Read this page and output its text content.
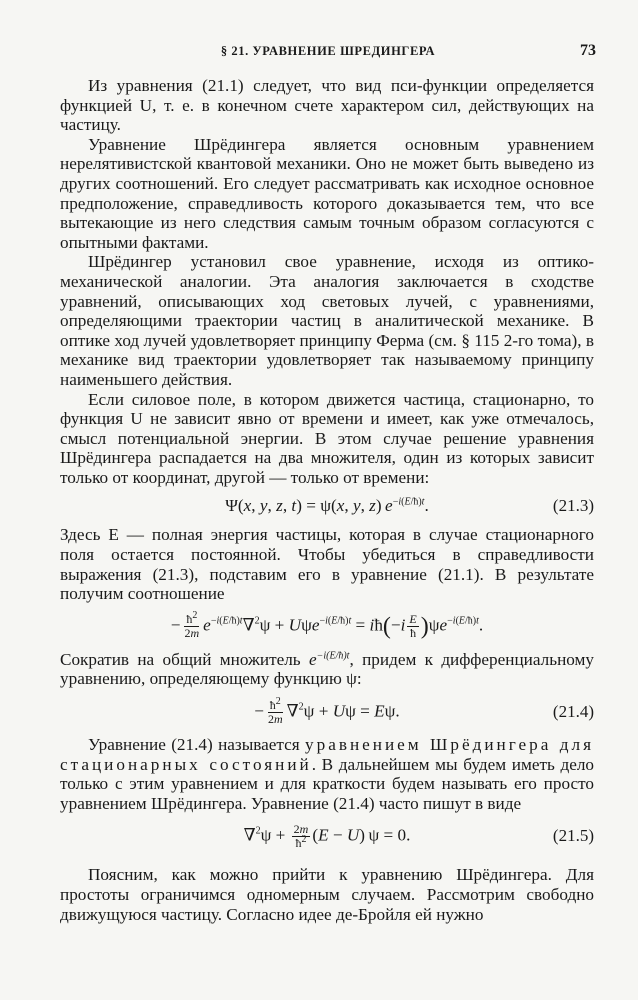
§ 21. УРАВНЕНИЕ ШРЕДИНГЕРА	73

Из уравнения (21.1) следует, что вид пси-функции определяется функцией U, т. е. в конечном счете характером сил, действующих на частицу.

Уравнение Шрёдингера является основным уравнением нерелятивистской квантовой механики. Оно не может быть выведено из других соотношений. Его следует рассматривать как исходное основное предположение, справедливость которого доказывается тем, что все вытекающие из него следствия самым точным образом согласуются с опытными фактами.

Шрёдингер установил свое уравнение, исходя из оптико-механической аналогии. Эта аналогия заключается в сходстве уравнений, описывающих ход световых лучей, с уравнениями, определяющими траектории частиц в аналитической механике. В оптике ход лучей удовлетворяет принципу Ферма (см. § 115 2-го тома), в механике вид траектории удовлетворяет так называемому принципу наименьшего действия.

Если силовое поле, в котором движется частица, стационарно, то функция U не зависит явно от времени и имеет, как уже отмечалось, смысл потенциальной энергии. В этом случае решение уравнения Шрёдингера распадается на два множителя, один из которых зависит только от координат, другой — только от времени:

Ψ(x, y, z, t) = ψ(x, y, z) $e^{-i(E/ħ)t}$.	(21.3)

Здесь E — полная энергия частицы, которая в случае стационарного поля остается постоянной. Чтобы убедиться в справедливости выражения (21.3), подставим его в уравнение (21.1). В результате получим соотношение

− $\frac{ħ^2}{2m} e^{-i(E/ħ)t}\nabla^2\psi + U\psi e^{-i(E/ħ)t}$ = iħ(−i $\frac{E}{ħ} )\psi e^{-i(E/ħ)t}$.

Сократив на общий множитель $e^{-i(E/ħ)t}$, придем к дифференциальному уравнению, определяющему функцию ψ:

− $\frac{ħ^2}{2m} \nabla^2\psi + U\psi = E\psi$.	(21.4)

Уравнение (21.4) называется уравнением Шрёдингера для стационарных состояний. В дальнейшем мы будем иметь дело только с этим уравнением и для краткости будем называть его просто уравнением Шрёдингера. Уравнение (21.4) часто пишут в виде

$\nabla^2\psi + \frac{2m}{ħ^2} (E - U) \psi = 0$.	(21.5)

Поясним, как можно прийти к уравнению Шрёдингера. Для простоты ограничимся одномерным случаем. Рассмотрим свободно движущуюся частицу. Согласно идее де-Бройля ей нужно
